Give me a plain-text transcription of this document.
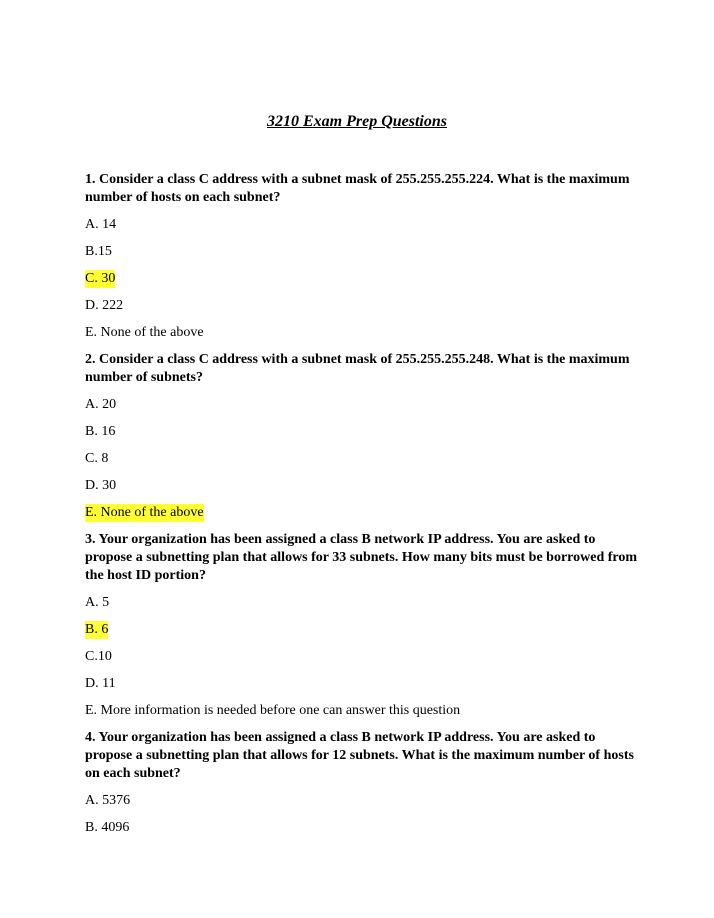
3210 Exam Prep Questions
1. Consider a class C address with a subnet mask of 255.255.255.224. What is the maximum number of hosts on each subnet?
A. 14
B.15
C. 30
D. 222
E. None of the above
2. Consider a class C address with a subnet mask of 255.255.255.248. What is the maximum number of subnets?
A. 20
B. 16
C. 8
D. 30
E. None of the above
3. Your organization has been assigned a class B network IP address. You are asked to propose a subnetting plan that allows for 33 subnets. How many bits must be borrowed from the host ID portion?
A. 5
B. 6
C.10
D. 11
E. More information is needed before one can answer this question
4. Your organization has been assigned a class B network IP address. You are asked to propose a subnetting plan that allows for 12 subnets. What is the maximum number of hosts on each subnet?
A. 5376
B. 4096
